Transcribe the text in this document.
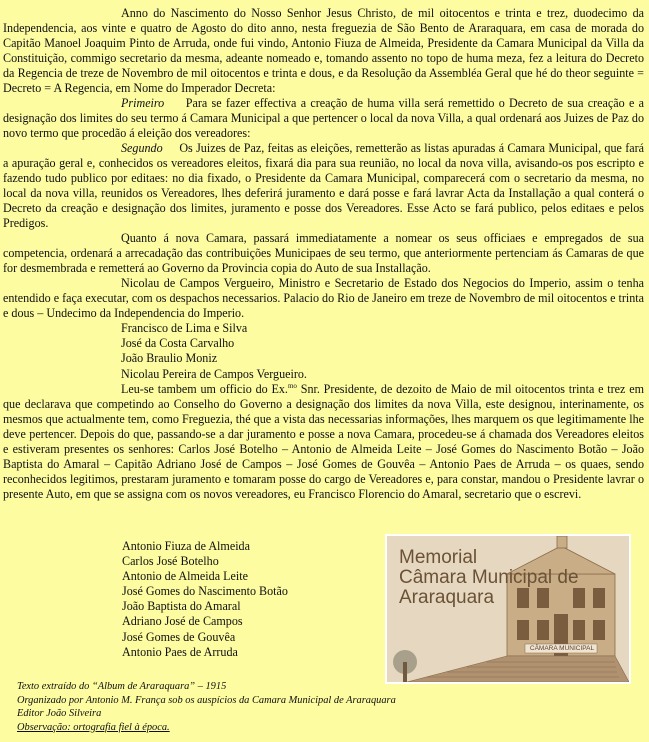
Anno do Nascimento do Nosso Senhor Jesus Christo, de mil oitocentos e trinta e trez, duodecimo da Independencia, aos vinte e quatro de Agosto do dito anno, nesta freguezia de São Bento de Araraquara, em casa de morada do Capitão Manoel Joaquim Pinto de Arruda, onde fui vindo, Antonio Fiuza de Almeida, Presidente da Camara Municipal da Villa da Constituição, commigo secretario da mesma, adeante nomeado e, tomando assento no topo de huma meza, fez a leitura do Decreto da Regencia de treze de Novembro de mil oitocentos e trinta e dous, e da Resolução da Assembléa Geral que hé do theor seguinte = Decreto = A Regencia, em Nome do Imperador Decreta:

Primeiro Para se fazer effectiva a creação de huma villa será remettido o Decreto de sua creação e a designação dos limites do seu termo á Camara Municipal a que pertencer o local da nova Villa, a qual ordenará aos Juizes de Paz do novo termo que procedão á eleição dos vereadores:

Segundo Os Juizes de Paz, feitas as eleições, remetterão as listas apuradas á Camara Municipal, que fará a apuração geral e, conhecidos os vereadores eleitos, fixará dia para sua reunião, no local da nova villa, avisando-os pos escripto e fazendo tudo publico por editaes: no dia fixado, o Presidente da Camara Municipal, comparecerá com o secretario da mesma, no local da nova villa, reunidos os Vereadores, lhes deferirá juramento e dará posse e fará lavrar Acta da Installação a qual conterá o Decreto da creação e designação dos limites, juramento e posse dos Vereadores. Esse Acto se fará publico, pelos editaes e pelos Predigos.

Quanto á nova Camara, passará immediatamente a nomear os seus officiaes e empregados de sua competencia, ordenará a arrecadação das contribuições Municipaes de seu termo, que anteriormente pertenciam ás Camaras de que for desmembrada e remetterá ao Governo da Provincia copia do Auto de sua Installação.

Nicolau de Campos Vergueiro, Ministro e Secretario de Estado dos Negocios do Imperio, assim o tenha entendido e faça executar, com os despachos necessarios. Palacio do Rio de Janeiro em treze de Novembro de mil oitocentos e trinta e dous – Undecimo da Independencia do Imperio.

Francisco de Lima e Silva
José da Costa Carvalho
João Braulio Moniz
Nicolau Pereira de Campos Vergueiro.

Leu-se tambem um officio do Ex.$^{mo}$ Snr. Presidente, de dezoito de Maio de mil oitocentos trinta e trez em que declarava que competindo ao Conselho do Governo a designação dos limites da nova Villa, este designou, interinamente, os mesmos que actualmente tem, como Freguezia, thé que a vista das necessarias informações, lhes marquem os que legitimamente lhe deve pertencer. Depois do que, passando-se a dar juramento e posse a nova Camara, procedeu-se á chamada dos Vereadores eleitos e estiveram presentes os senhores: Carlos José Botelho – Antonio de Almeida Leite – José Gomes do Nascimento Botão – João Baptista do Amaral – Capitão Adriano José de Campos – José Gomes de Gouvêa – Antonio Paes de Arruda – os quaes, sendo reconhecidos legitimos, prestaram juramento e tomaram posse do cargo de Vereadores e, para constar, mandou o Presidente lavrar o presente Auto, em que se assigna com os novos vereadores, eu Francisco Florencio do Amaral, secretario que o escrevi.

Antonio Fiuza de Almeida
Carlos José Botelho
Antonio de Almeida Leite
José Gomes do Nascimento Botão
João Baptista do Amaral
Adriano José de Campos
José Gomes de Gouvêa
Antonio Paes de Arruda
Memorial
Câmara Municipal de
Araraquara
CÂMARA MUNICIPAL
Texto extraído do “Album de Araraquara” – 1915
Organizado por Antonio M. França sob os auspícios da Camara Municipal de Araraquara
Editor João Silveira
Observação: ortografia fiel à época.
